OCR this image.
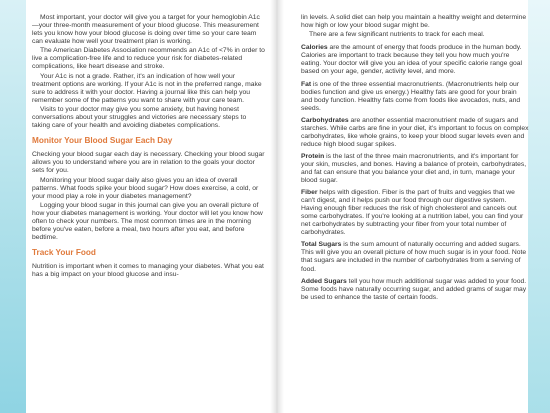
Most important, your doctor will give you a target for your hemoglobin A1c—your three-month measurement of your blood glucose. This measurement lets you know how your blood glucose is doing over time so your care team can evaluate how well your treatment plan is working.

The American Diabetes Association recommends an A1c of <7% in order to live a complication-free life and to reduce your risk for diabetes-related complications, like heart disease and stroke.

Your A1c is not a grade. Rather, it's an indication of how well your treatment options are working. If your A1c is not in the preferred range, make sure to address it with your doctor. Having a journal like this can help you remember some of the patterns you want to share with your care team.

Visits to your doctor may give you some anxiety, but having honest conversations about your struggles and victories are necessary steps to taking care of your health and avoiding diabetes complications.

Monitor Your Blood Sugar Each Day

Checking your blood sugar each day is necessary. Checking your blood sugar allows you to understand where you are in relation to the goals your doctor sets for you.

Monitoring your blood sugar daily also gives you an idea of overall patterns. What foods spike your blood sugar? How does exercise, a cold, or your mood play a role in your diabetes management?

Logging your blood sugar in this journal can give you an overall picture of how your diabetes management is working. Your doctor will let you know how often to check your numbers. The most common times are in the morning before you've eaten, before a meal, two hours after you eat, and before bedtime.

Track Your Food

Nutrition is important when it comes to managing your diabetes. What you eat has a big impact on your blood glucose and insu-

lin levels. A solid diet can help you maintain a healthy weight and determine how high or low your blood sugar might be.

There are a few significant nutrients to track for each meal.

Calories are the amount of energy that foods produce in the human body. Calories are important to track because they tell you how much you're eating. Your doctor will give you an idea of your specific calorie range goal based on your age, gender, activity level, and more.

Fat is one of the three essential macronutrients. (Macronutrients help our bodies function and give us energy.) Healthy fats are good for your brain and body function. Healthy fats come from foods like avocados, nuts, and seeds.

Carbohydrates are another essential macronutrient made of sugars and starches. While carbs are fine in your diet, it's important to focus on complex carbohydrates, like whole grains, to keep your blood sugar levels even and reduce high blood sugar spikes.

Protein is the last of the three main macronutrients, and it's important for your skin, muscles, and bones. Having a balance of protein, carbohydrates, and fat can ensure that you balance your diet and, in turn, manage your blood sugar.

Fiber helps with digestion. Fiber is the part of fruits and veggies that we can't digest, and it helps push our food through our digestive system. Having enough fiber reduces the risk of high cholesterol and cancels out some carbohydrates. If you're looking at a nutrition label, you can find your net carbohydrates by subtracting your fiber from your total number of carbohydrates.

Total Sugars is the sum amount of naturally occurring and added sugars. This will give you an overall picture of how much sugar is in your food. Note that sugars are included in the number of carbohydrates from a serving of food.

Added Sugars tell you how much additional sugar was added to your food. Some foods have naturally occurring sugar, and added grams of sugar may be used to enhance the taste of certain foods.
